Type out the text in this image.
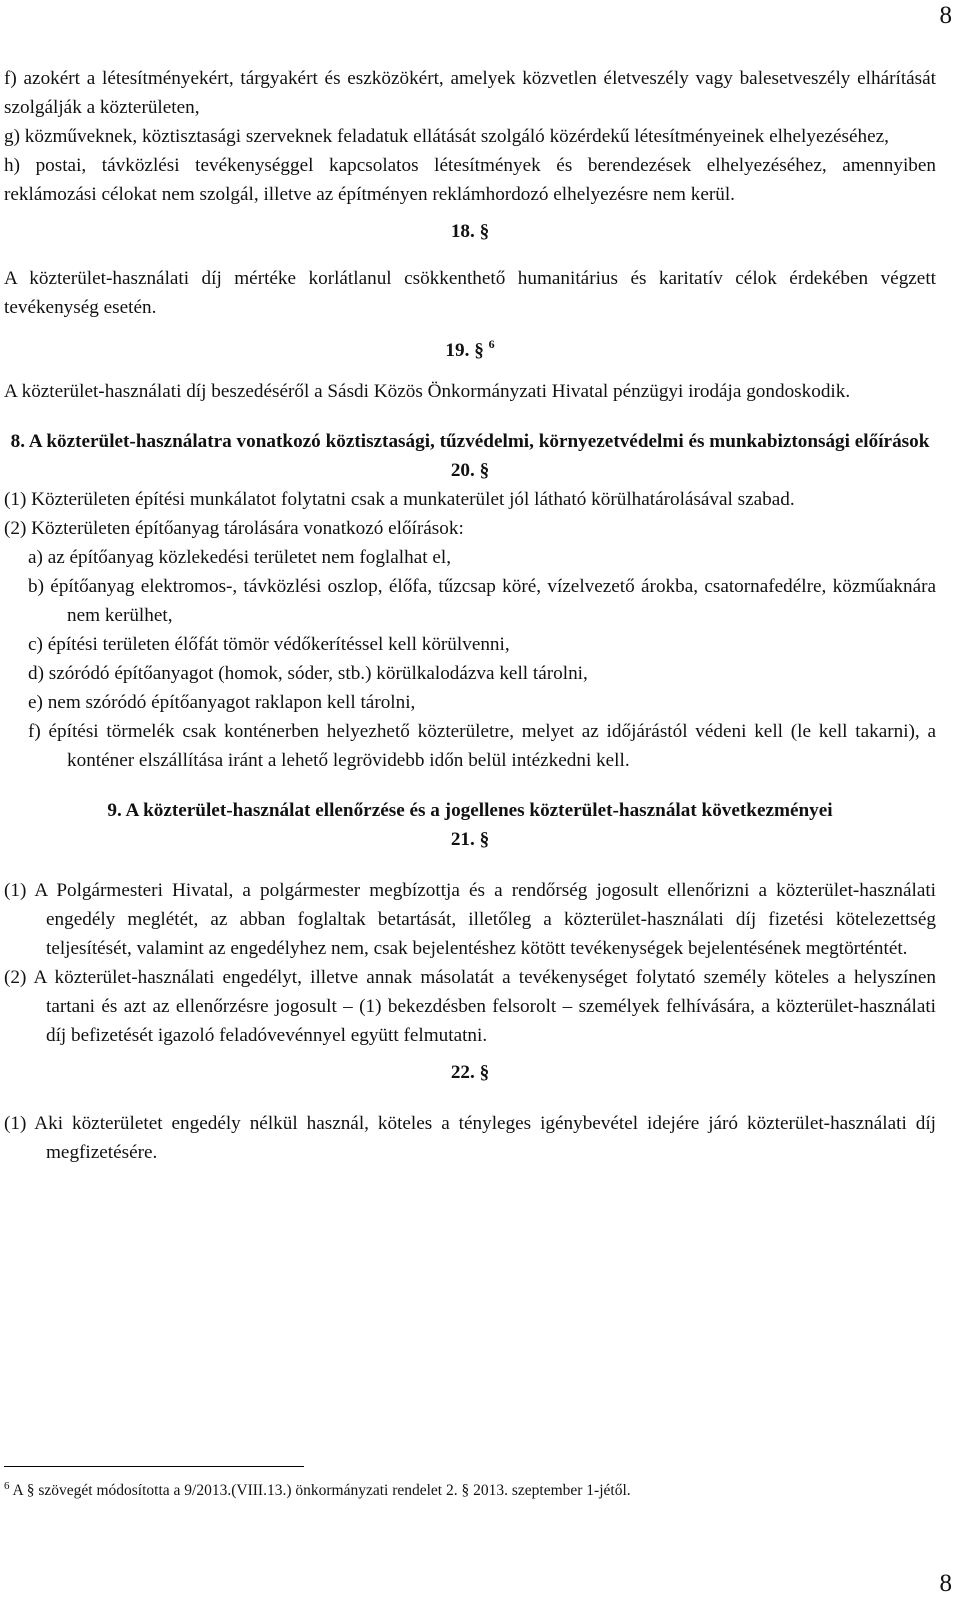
8

f) azokért a létesítményekért, tárgyakért és eszközökért, amelyek közvetlen életveszély vagy balesetveszély elhárítását szolgálják a közterületen,

g) közműveknek, köztisztasági szerveknek feladatuk ellátását szolgáló közérdekű létesítményeinek elhelyezéséhez,

h) postai, távközlési tevékenységgel kapcsolatos létesítmények és berendezések elhelyezéséhez, amennyiben reklámozási célokat nem szolgál, illetve az építményen reklámhordozó elhelyezésre nem kerül.

18. §

A közterület-használati díj mértéke korlátlanul csökkenthető humanitárius és karitatív célok érdekében végzett tevékenység esetén.

19. § $^6$

A közterület-használati díj beszedéséről a Sásdi Közös Önkormányzati Hivatal pénzügyi irodája gondoskodik.

8. A közterület-használatra vonatkozó köztisztasági, tűzvédelmi, környezetvédelmi és munkabiztonsági előírások

20. §

(1) Közterületen építési munkálatot folytatni csak a munkaterület jól látható körülhatárolásával szabad.

(2) Közterületen építőanyag tárolására vonatkozó előírások:

a) az építőanyag közlekedési területet nem foglalhat el,

b) építőanyag elektromos-, távközlési oszlop, élőfa, tűzcsap köré, vízelvezető árokba, csatornafedélre, közműaknára nem kerülhet,

c) építési területen élőfát tömör védőkerítéssel kell körülvenni,

d) szóródó építőanyagot (homok, sóder, stb.) körülkalodázva kell tárolni,

e) nem szóródó építőanyagot raklapon kell tárolni,

f) építési törmelék csak konténerben helyezhető közterületre, melyet az időjárástól védeni kell (le kell takarni), a konténer elszállítása iránt a lehető legrövidebb időn belül intézkedni kell.

9. A közterület-használat ellenőrzése és a jogellenes közterület-használat következményei

21. §

(1) A Polgármesteri Hivatal, a polgármester megbízottja és a rendőrség jogosult ellenőrizni a közterület-használati engedély meglétét, az abban foglaltak betartását, illetőleg a közterület-használati díj fizetési kötelezettség teljesítését, valamint az engedélyhez nem, csak bejelentéshez kötött tevékenységek bejelentésének megtörténtét.

(2) A közterület-használati engedélyt, illetve annak másolatát a tevékenységet folytató személy köteles a helyszínen tartani és azt az ellenőrzésre jogosult – (1) bekezdésben felsorolt – személyek felhívására, a közterület-használati díj befizetését igazoló feladóvevénnyel együtt felmutatni.

22. §

(1) Aki közterületet engedély nélkül használ, köteles a tényleges igénybevétel idejére járó közterület-használati díj megfizetésére.

$^6$ A § szövegét módosította a 9/2013.(VIII.13.) önkormányzati rendelet 2. § 2013. szeptember 1-jétől.
8
